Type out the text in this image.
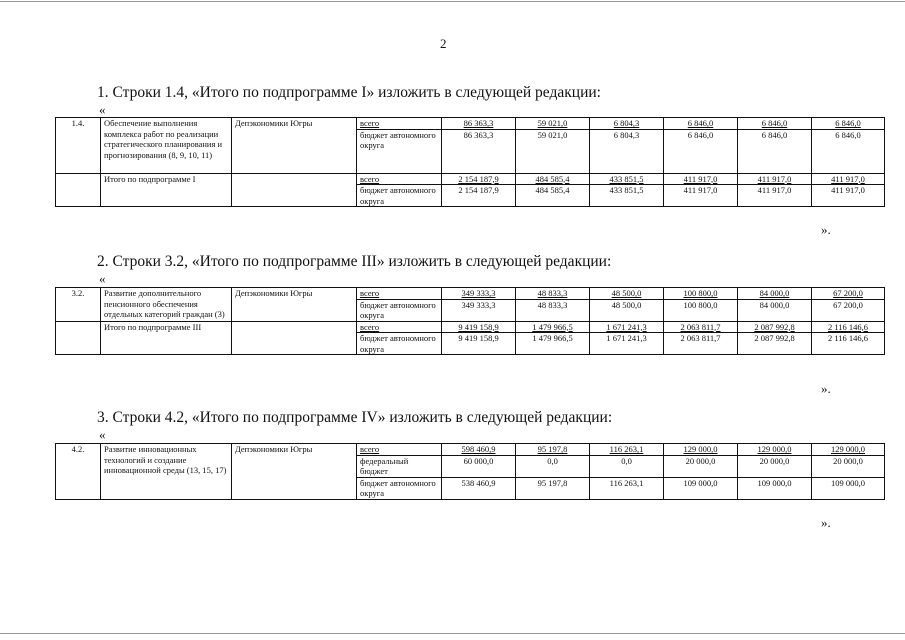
2
1. Строки 1.4, «Итого по подпрограмме I» изложить в следующей редакции:
«
1.4.	Обеспечение выполнения комплекса работ по реализации стратегического планирования и прогнозирования (8, 9, 10, 11)	Депэкономики Югры	всего	86 363,3	59 021,0	6 804,3	6 846,0	6 846,0	6 846,0
			бюджет автономного округа	86 363,3	59 021,0	6 804,3	6 846,0	6 846,0	6 846,0
	Итого по подпрограмме I		всего	2 154 187,9	484 585,4	433 851,5	411 917,0	411 917,0	411 917,0
			бюджет автономного округа	2 154 187,9	484 585,4	433 851,5	411 917,0	411 917,0	411 917,0
».
2. Строки 3.2, «Итого по подпрограмме III» изложить в следующей редакции:
«
3.2.	Развитие дополнительного пенсионного обеспечения отдельных категорий граждан (3)	Депэкономики Югры	всего	349 333,3	48 833,3	48 500,0	100 800,0	84 000,0	67 200,0
			бюджет автономного округа	349 333,3	48 833,3	48 500,0	100 800,0	84 000,0	67 200,0
	Итого по подпрограмме III		всего	9 419 158,9	1 479 966,5	1 671 241,3	2 063 811,7	2 087 992,8	2 116 146,6
			бюджет автономного округа	9 419 158,9	1 479 966,5	1 671 241,3	2 063 811,7	2 087 992,8	2 116 146,6
».
3. Строки 4.2, «Итого по подпрограмме IV» изложить в следующей редакции:
«
4.2.	Развитие инновационных технологий и создание инновационной среды (13, 15, 17)	Депэкономики Югры	всего	598 460,9	95 197,8	116 263,1	129 000,0	129 000,0	129 000,0
			федеральный бюджет	60 000,0	0,0	0,0	20 000,0	20 000,0	20 000,0
			бюджет автономного округа	538 460,9	95 197,8	116 263,1	109 000,0	109 000,0	109 000,0
».
